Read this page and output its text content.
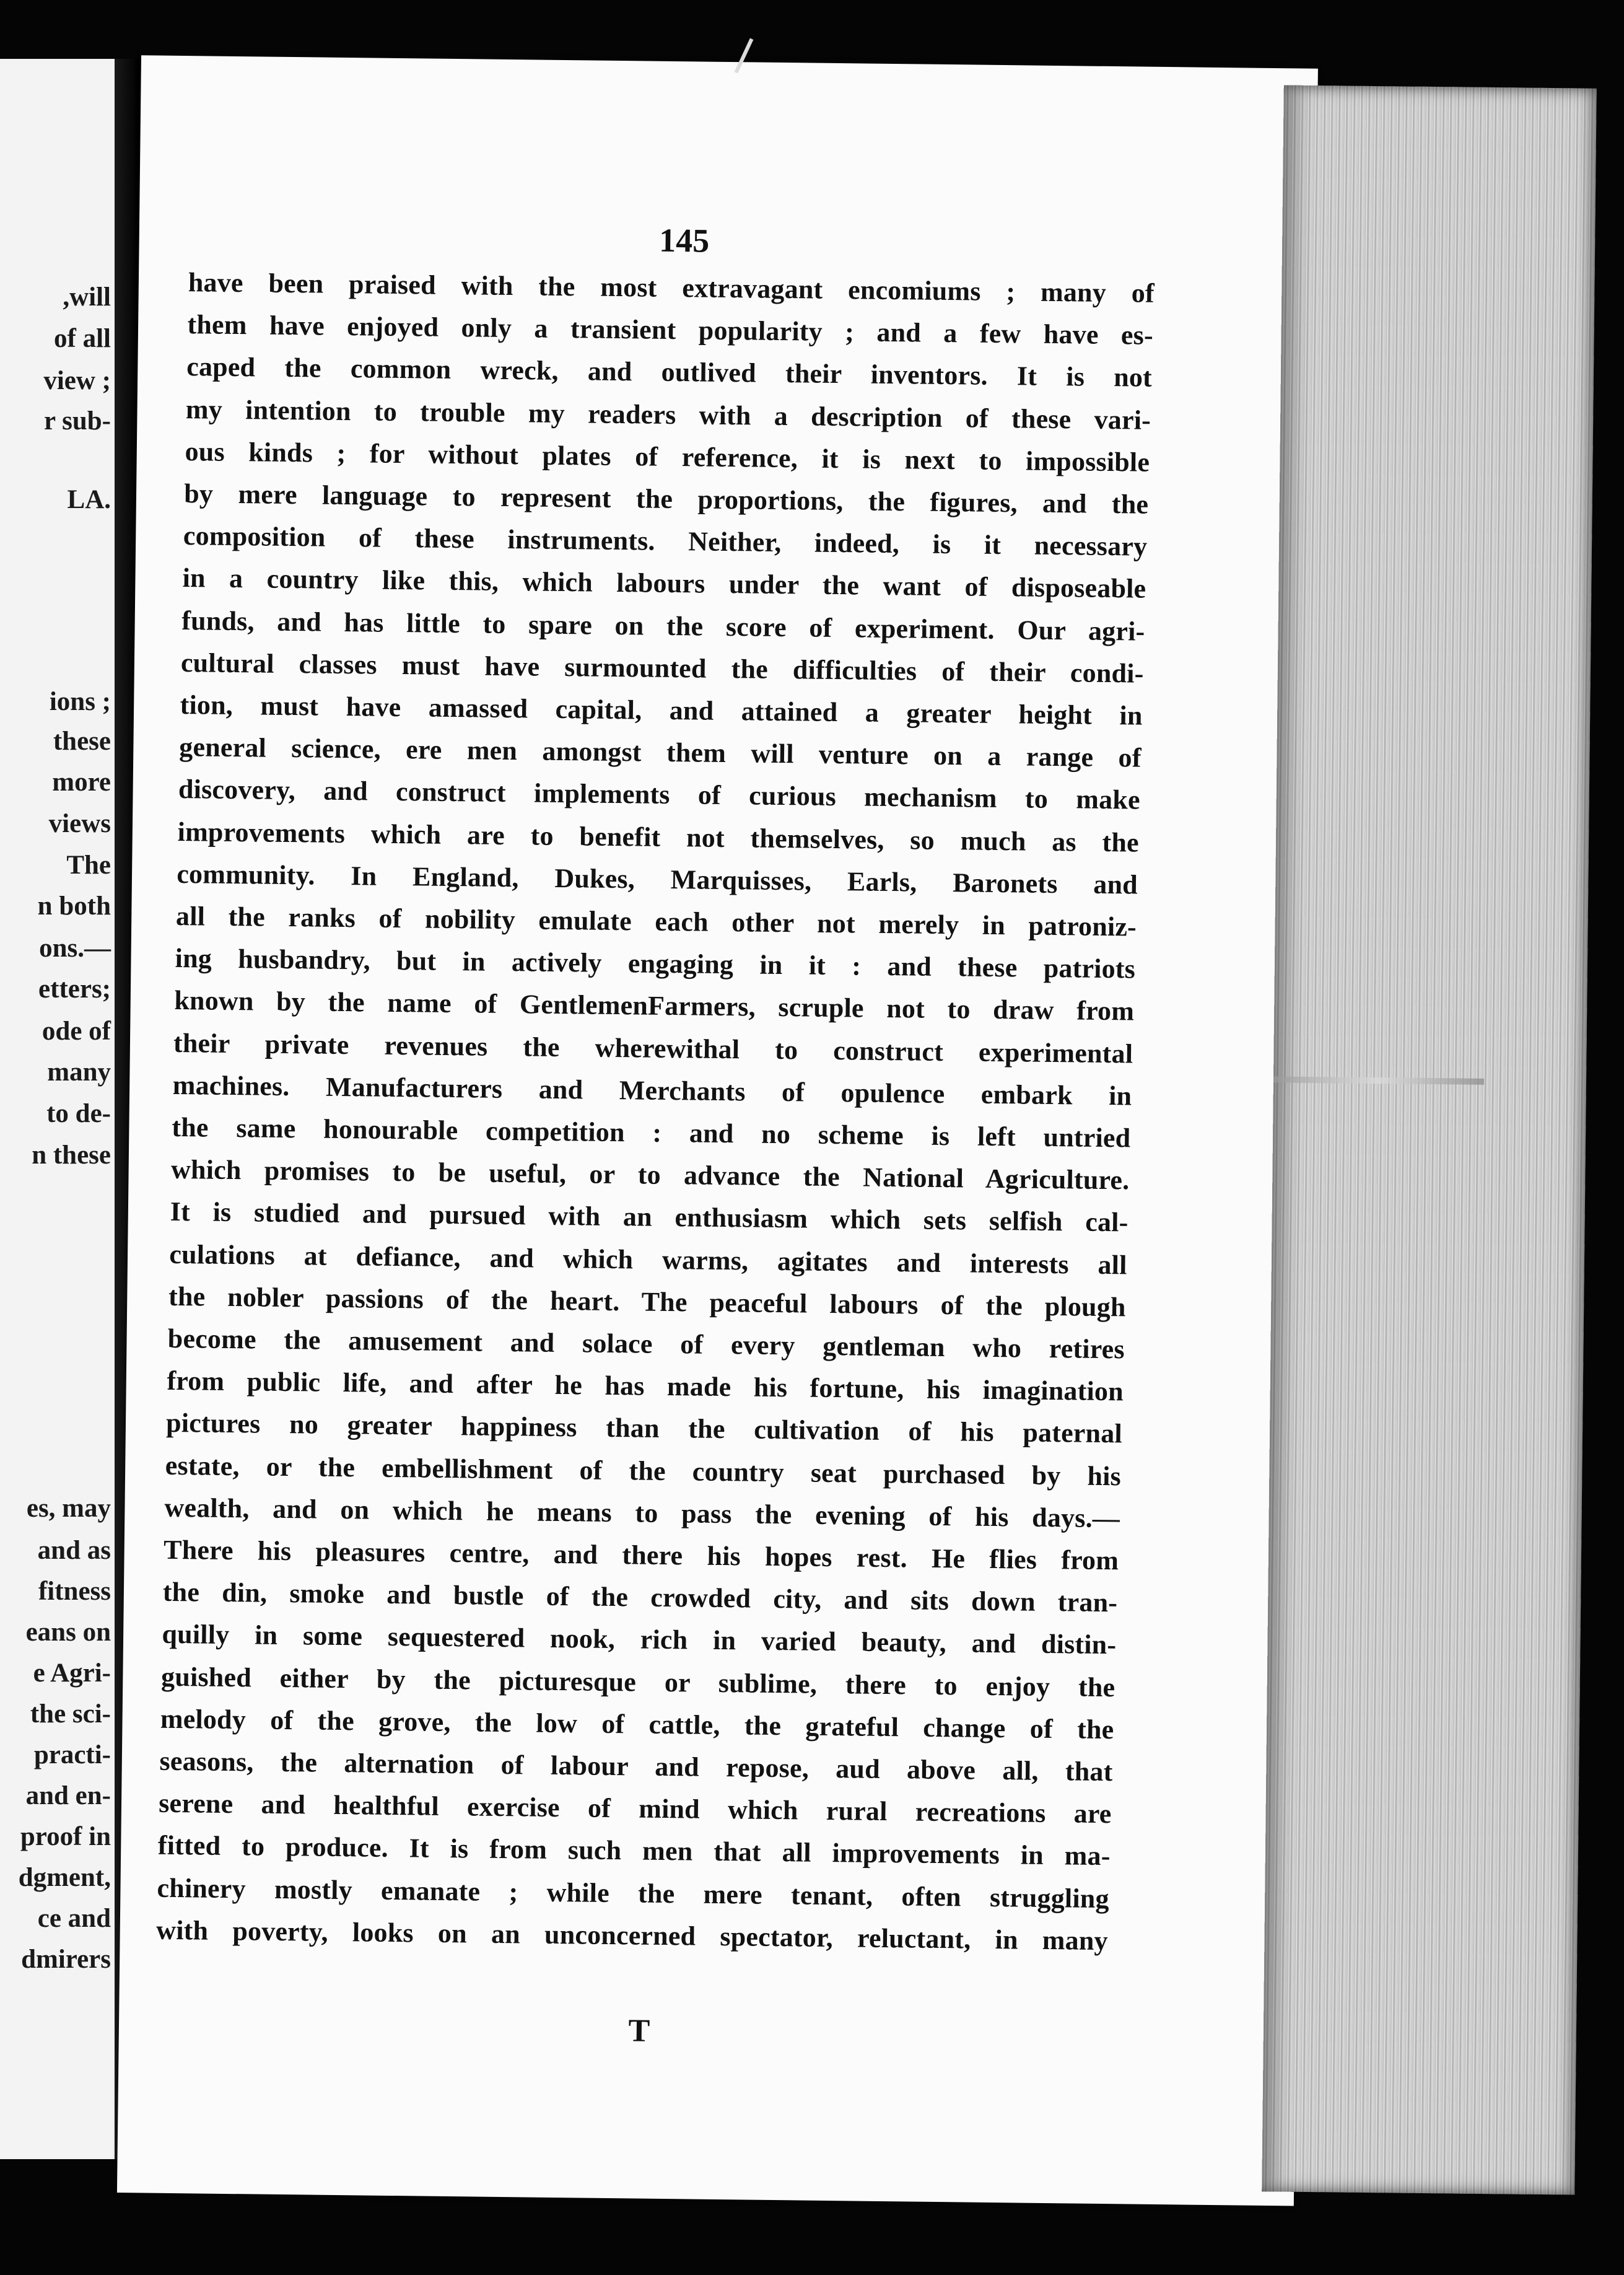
,will
of all
view ;
r sub-
LA.
ions ;
these
more
views
The
n both
ons.—
etters;
ode of
many
to de-
n these
es, may
and as
fitness
eans on
e Agri-
the sci-
practi-
and en-
proof in
dgment,
ce and
dmirers
145
have been praised with the most extravagant encomiums ; many of
them have enjoyed only a transient popularity ; and a few have es-
caped the common wreck, and outlived their inventors. It is not
my intention to trouble my readers with a description of these vari-
ous kinds ; for without plates of reference, it is next to impossible
by mere language to represent the proportions, the figures, and the
composition of these instruments. Neither, indeed, is it necessary
in a country like this, which labours under the want of disposeable
funds, and has little to spare on the score of experiment. Our agri-
cultural classes must have surmounted the difficulties of their condi-
tion, must have amassed capital, and attained a greater height in
general science, ere men amongst them will venture on a range of
discovery, and construct implements of curious mechanism to make
improvements which are to benefit not themselves, so much as the
community. In England, Dukes, Marquisses, Earls, Baronets and
all the ranks of nobility emulate each other not merely in patroniz-
ing husbandry, but in actively engaging in it : and these patriots
known by the name of GentlemenFarmers, scruple not to draw from
their private revenues the wherewithal to construct experimental
machines. Manufacturers and Merchants of opulence embark in
the same honourable competition : and no scheme is left untried
which promises to be useful, or to advance the National Agriculture.
It is studied and pursued with an enthusiasm which sets selfish cal-
culations at defiance, and which warms, agitates and interests all
the nobler passions of the heart. The peaceful labours of the plough
become the amusement and solace of every gentleman who retires
from public life, and after he has made his fortune, his imagination
pictures no greater happiness than the cultivation of his paternal
estate, or the embellishment of the country seat purchased by his
wealth, and on which he means to pass the evening of his days.—
There his pleasures centre, and there his hopes rest. He flies from
the din, smoke and bustle of the crowded city, and sits down tran-
quilly in some sequestered nook, rich in varied beauty, and distin-
guished either by the picturesque or sublime, there to enjoy the
melody of the grove, the low of cattle, the grateful change of the
seasons, the alternation of labour and repose, aud above all, that
serene and healthful exercise of mind which rural recreations are
fitted to produce. It is from such men that all improvements in ma-
chinery mostly emanate ; while the mere tenant, often struggling
with poverty, looks on an unconcerned spectator, reluctant, in many
T
